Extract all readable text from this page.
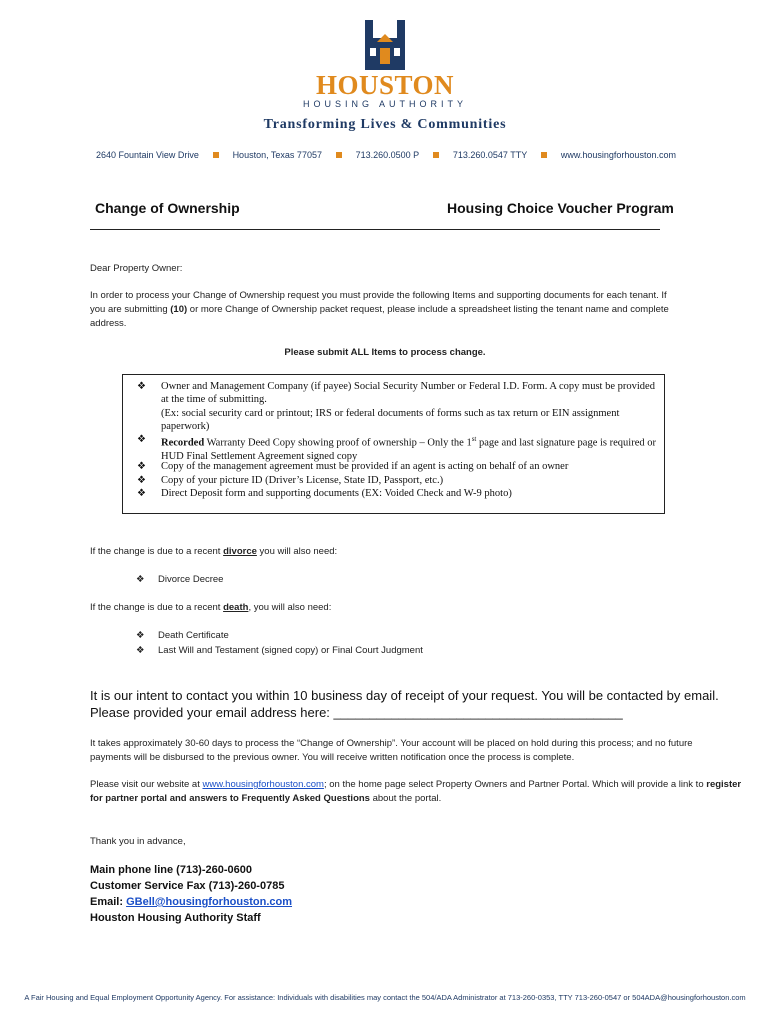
HOUSTON
HOUSING AUTHORITY
Transforming Lives & Communities
2640 Fountain View Drive	Houston, Texas 77057	713.260.0500 P	713.260.0547 TTY	www.housingforhouston.com
Change of Ownership	Housing Choice Voucher Program
Dear Property Owner:
In order to process your Change of Ownership request you must provide the following Items and supporting documents for each tenant. If you are submitting (10) or more Change of Ownership packet request, please include a spreadsheet listing the tenant name and complete address.
Please submit ALL Items to process change.
❖	Owner and Management Company (if payee) Social Security Number or Federal I.D. Form. A copy must be provided at the time of submitting.
(Ex: social security card or printout; IRS or federal documents of forms such as tax return or EIN assignment paperwork)
❖	Recorded Warranty Deed Copy showing proof of ownership – Only the 1st page and last signature page is required or HUD Final Settlement Agreement signed copy
❖	Copy of the management agreement must be provided if an agent is acting on behalf of an owner
❖	Copy of your picture ID (Driver’s License, State ID, Passport, etc.)
❖	Direct Deposit form and supporting documents (EX: Voided Check and W-9 photo)
If the change is due to a recent divorce you will also need:
❖ Divorce Decree
If the change is due to a recent death, you will also need:
❖ Death Certificate
❖ Last Will and Testament (signed copy) or Final Court Judgment
It is our intent to contact you within 10 business day of receipt of your request. You will be contacted by email.
Please provided your email address here: ________________________________________
It takes approximately 30-60 days to process the “Change of Ownership”. Your account will be placed on hold during this process; and no future payments will be disbursed to the previous owner. You will receive written notification once the process is complete.
Please visit our website at www.housingforhouston.com; on the home page select Property Owners and Partner Portal. Which will provide a link to register for partner portal and answers to Frequently Asked Questions about the portal.
Thank you in advance,
Main phone line (713)-260-0600
Customer Service Fax (713)-260-0785
Email: GBell@housingforhouston.com
Houston Housing Authority Staff
A Fair Housing and Equal Employment Opportunity Agency. For assistance: Individuals with disabilities may contact the 504/ADA Administrator at 713-260-0353, TTY 713-260-0547 or 504ADA@housingforhouston.com
